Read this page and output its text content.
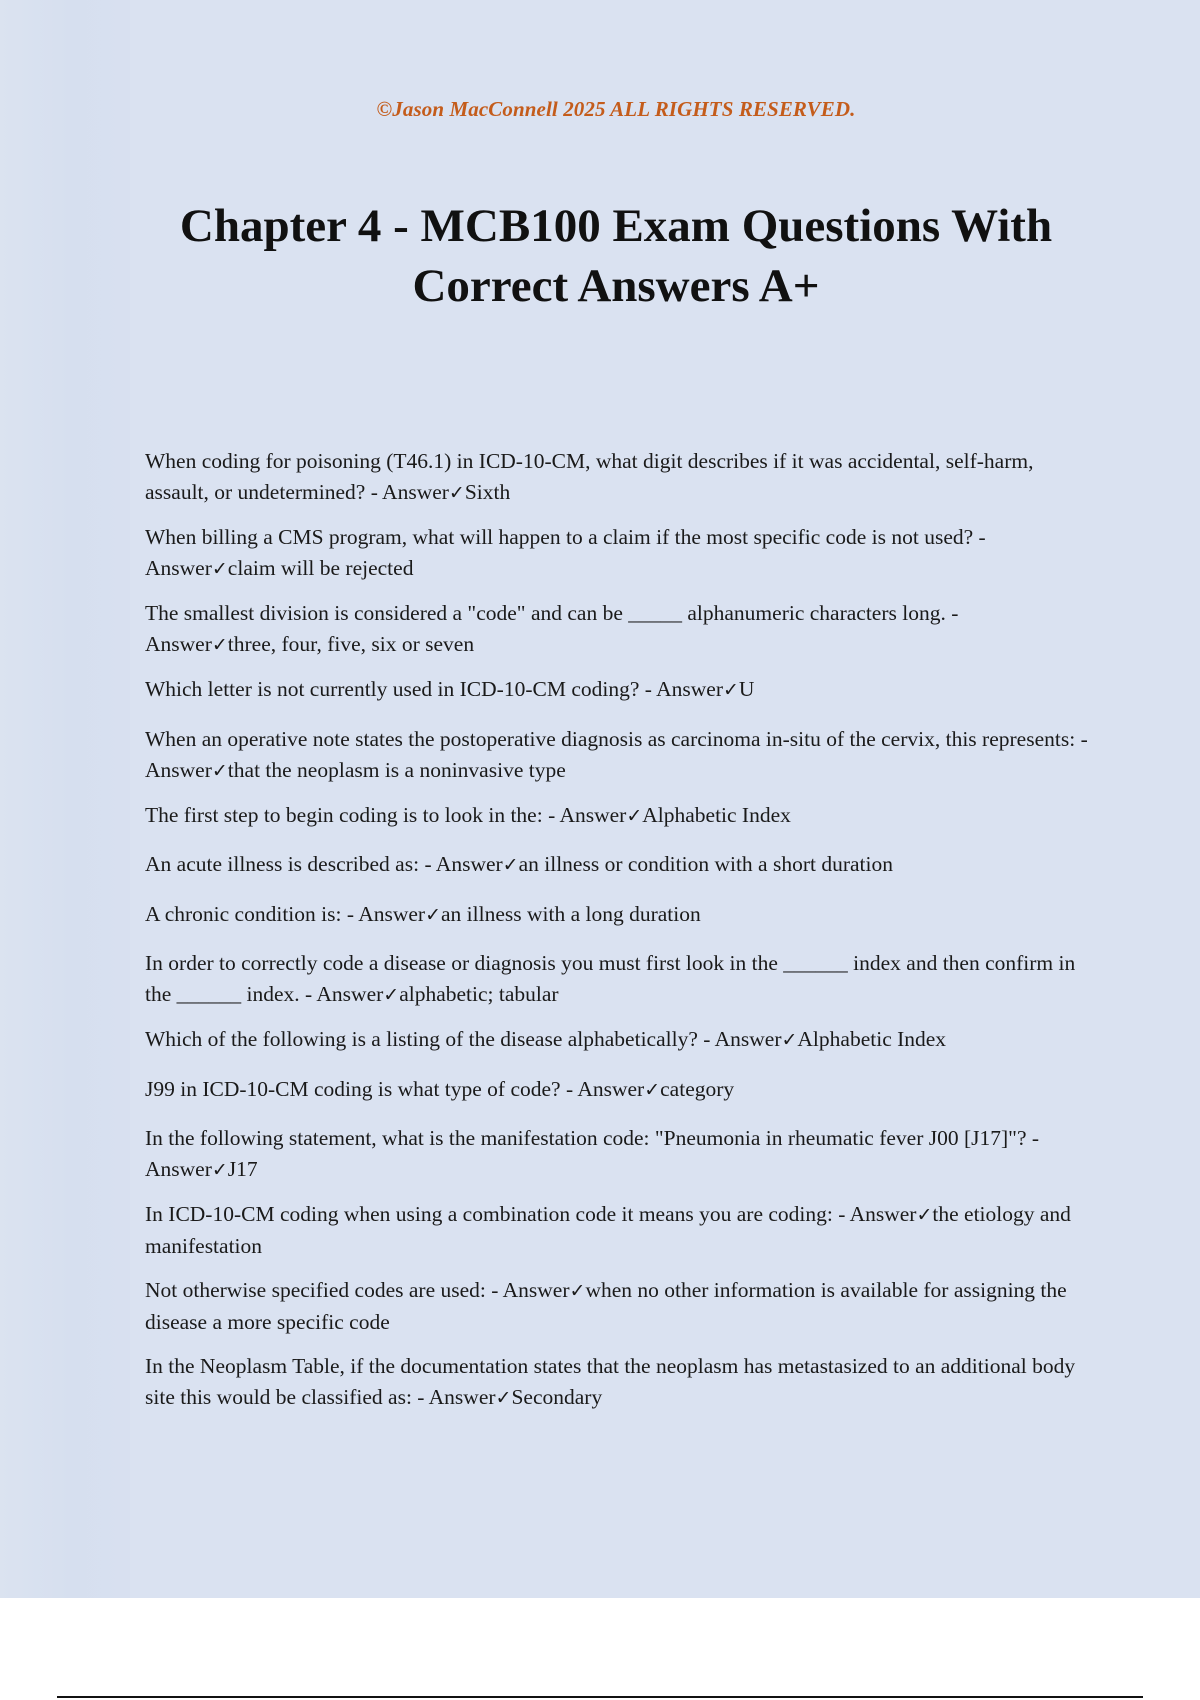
©Jason MacConnell 2025 ALL RIGHTS RESERVED.
Chapter 4 - MCB100 Exam Questions With Correct Answers A+
When coding for poisoning (T46.1) in ICD-10-CM, what digit describes if it was accidental, self-harm, assault, or undetermined? - Answer✓Sixth
When billing a CMS program, what will happen to a claim if the most specific code is not used? - Answer✓claim will be rejected
The smallest division is considered a "code" and can be _____ alphanumeric characters long. - Answer✓three, four, five, six or seven
Which letter is not currently used in ICD-10-CM coding? - Answer✓U
When an operative note states the postoperative diagnosis as carcinoma in-situ of the cervix, this represents: - Answer✓that the neoplasm is a noninvasive type
The first step to begin coding is to look in the: - Answer✓Alphabetic Index
An acute illness is described as: - Answer✓an illness or condition with a short duration
A chronic condition is: - Answer✓an illness with a long duration
In order to correctly code a disease or diagnosis you must first look in the ______ index and then confirm in the ______ index. - Answer✓alphabetic; tabular
Which of the following is a listing of the disease alphabetically? - Answer✓Alphabetic Index
J99 in ICD-10-CM coding is what type of code? - Answer✓category
In the following statement, what is the manifestation code: "Pneumonia in rheumatic fever J00 [J17]"? - Answer✓J17
In ICD-10-CM coding when using a combination code it means you are coding: - Answer✓the etiology and manifestation
Not otherwise specified codes are used: - Answer✓when no other information is available for assigning the disease a more specific code
In the Neoplasm Table, if the documentation states that the neoplasm has metastasized to an additional body site this would be classified as: - Answer✓Secondary
